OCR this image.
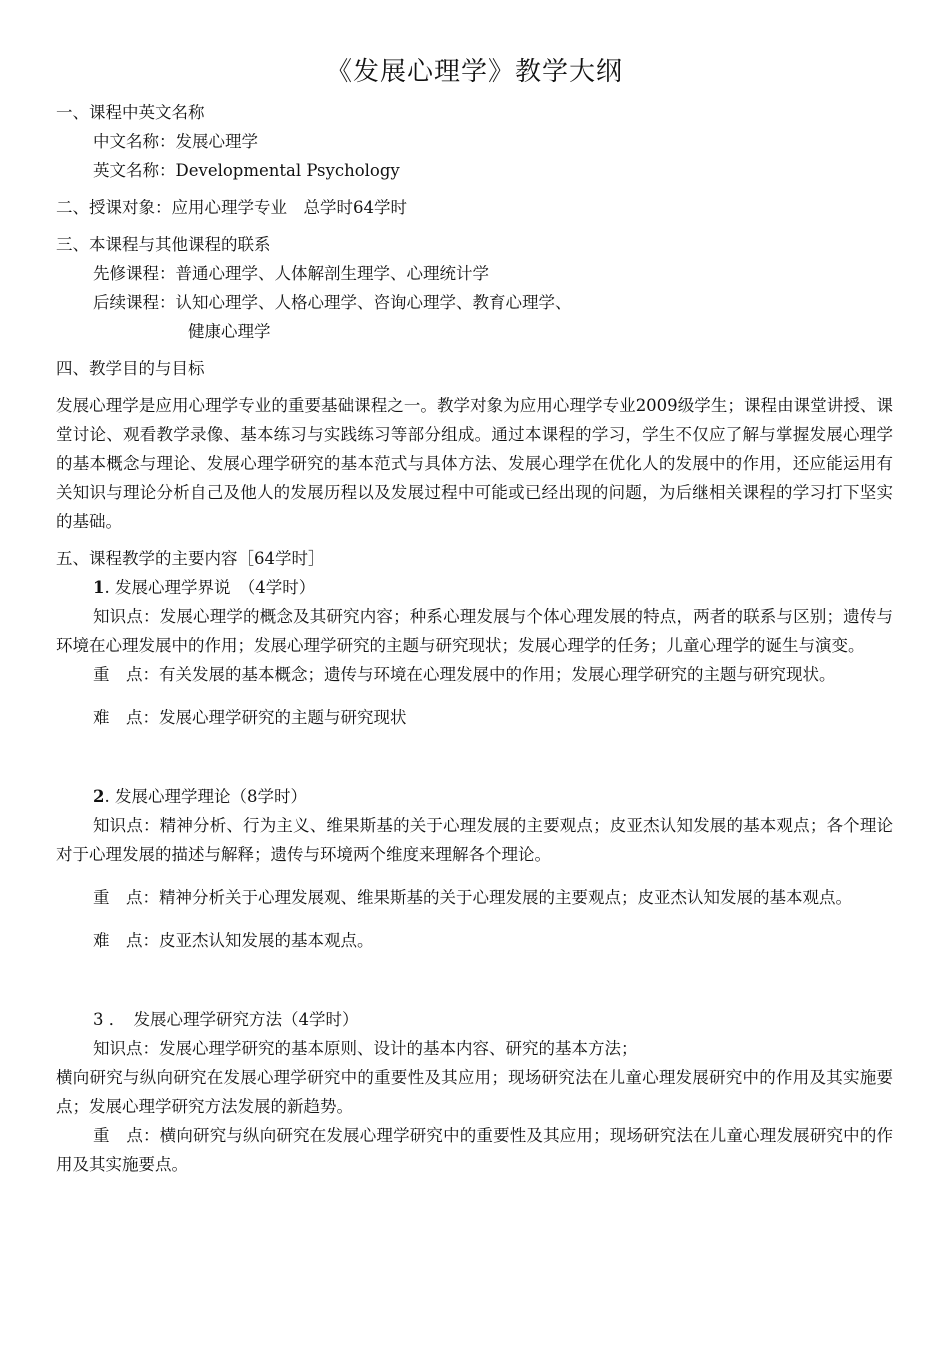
《发展心理学》教学大纲

一、课程中英文名称

中文名称：发展心理学

英文名称：Developmental Psychology

二、授课对象：应用心理学专业　总学时64学时

三、本课程与其他课程的联系

先修课程：普通心理学、人体解剖生理学、心理统计学

后续课程：认知心理学、人格心理学、咨询心理学、教育心理学、

健康心理学

四、教学目的与目标

发展心理学是应用心理学专业的重要基础课程之一。教学对象为应用心理学专业2009级学生；课程由课堂讲授、课堂讨论、观看教学录像、基本练习与实践练习等部分组成。通过本课程的学习，学生不仅应了解与掌握发展心理学的基本概念与理论、发展心理学研究的基本范式与具体方法、发展心理学在优化人的发展中的作用，还应能运用有关知识与理论分析自己及他人的发展历程以及发展过程中可能或已经出现的问题，为后继相关课程的学习打下坚实的基础。

五、课程教学的主要内容［64学时］

1. 发展心理学界说　（4学时）

知识点：发展心理学的概念及其研究内容；种系心理发展与个体心理发展的特点，两者的联系与区别；遗传与环境在心理发展中的作用；发展心理学研究的主题与研究现状；发展心理学的任务；儿童心理学的诞生与演变。

重　点：有关发展的基本概念；遗传与环境在心理发展中的作用；发展心理学研究的主题与研究现状。

难　点：发展心理学研究的主题与研究现状

2. 发展心理学理论（8学时）

知识点：精神分析、行为主义、维果斯基的关于心理发展的主要观点；皮亚杰认知发展的基本观点；各个理论对于心理发展的描述与解释；遗传与环境两个维度来理解各个理论。

重　点：精神分析关于心理发展观、维果斯基的关于心理发展的主要观点；皮亚杰认知发展的基本观点。

难　点：皮亚杰认知发展的基本观点。

3 ．　发展心理学研究方法（4学时）

知识点：发展心理学研究的基本原则、设计的基本内容、研究的基本方法；

横向研究与纵向研究在发展心理学研究中的重要性及其应用；现场研究法在儿童心理发展研究中的作用及其实施要点；发展心理学研究方法发展的新趋势。

重　点：横向研究与纵向研究在发展心理学研究中的重要性及其应用；现场研究法在儿童心理发展研究中的作用及其实施要点。
